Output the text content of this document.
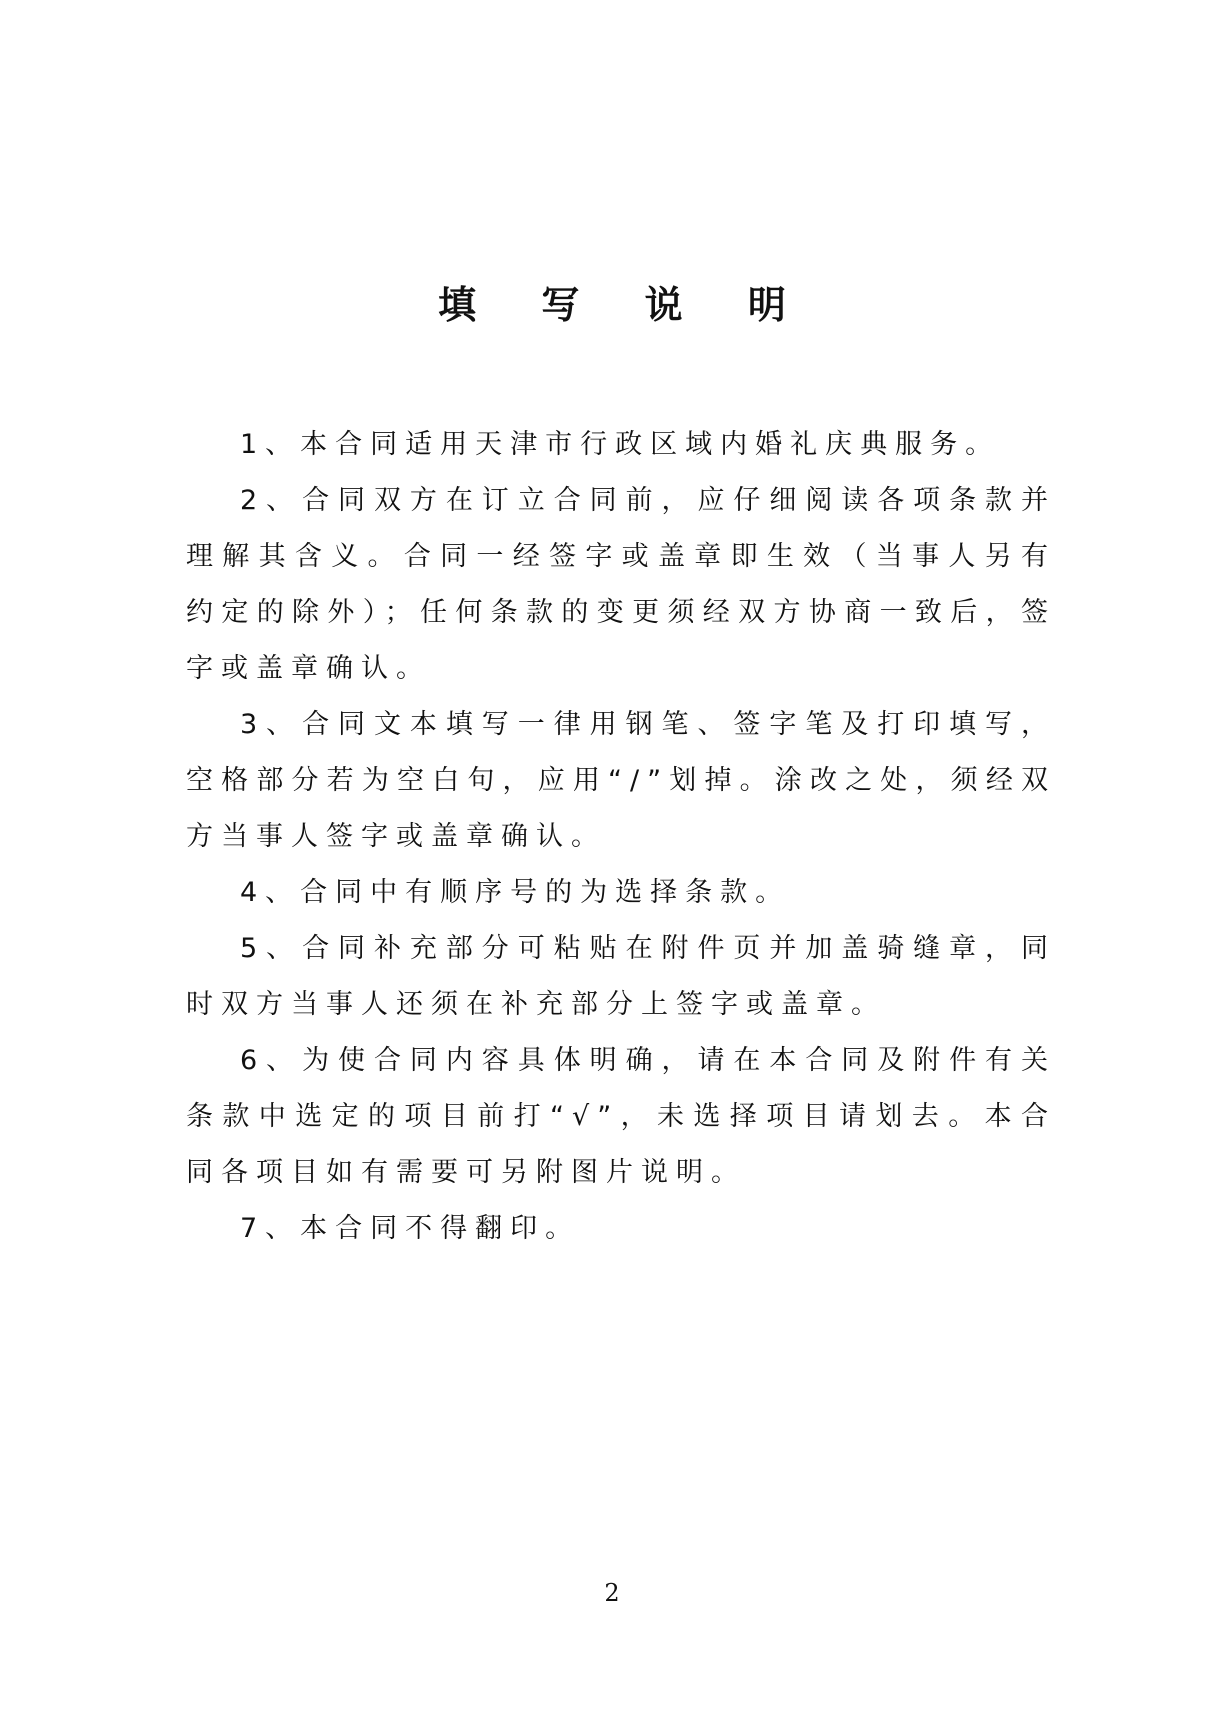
填 写 说 明

1、本合同适用天津市行政区域内婚礼庆典服务。

2、合同双方在订立合同前，应仔细阅读各项条款并理解其含义。合同一经签字或盖章即生效（当事人另有约定的除外）；任何条款的变更须经双方协商一致后，签字或盖章确认。

3、合同文本填写一律用钢笔、签字笔及打印填写，空格部分若为空白句，应用“/”划掉。涂改之处，须经双方当事人签字或盖章确认。

4、合同中有顺序号的为选择条款。

5、合同补充部分可粘贴在附件页并加盖骑缝章，同时双方当事人还须在补充部分上签字或盖章。

6、为使合同内容具体明确，请在本合同及附件有关条款中选定的项目前打“√”，未选择项目请划去。本合同各项目如有需要可另附图片说明。

7、本合同不得翻印。

2
